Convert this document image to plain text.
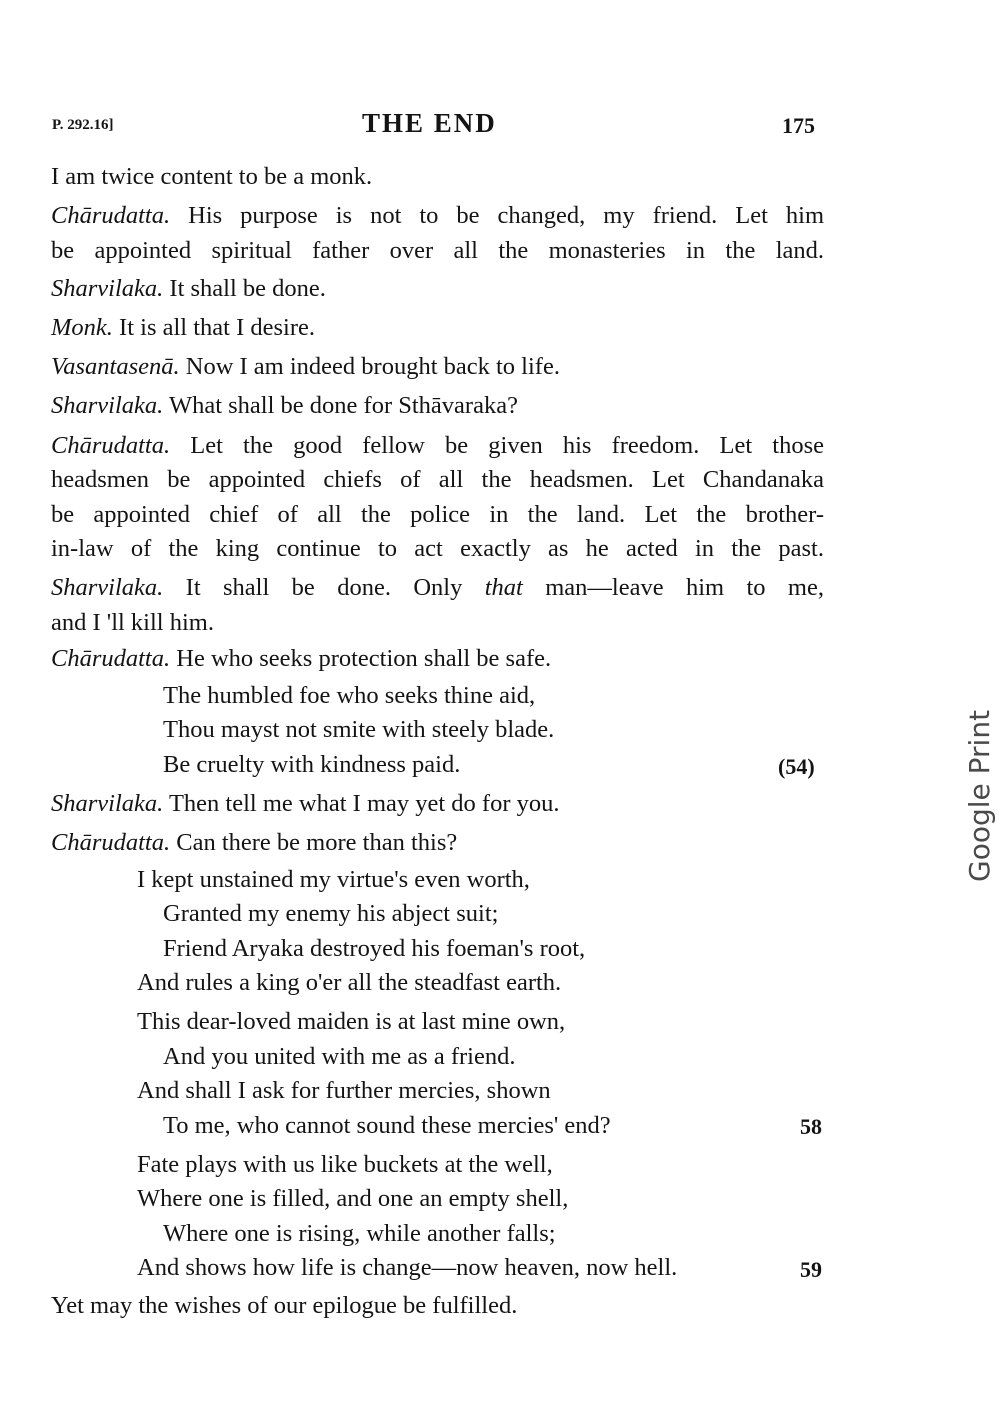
P. 292.16]	THE END	175
I am twice content to be a monk.
Chārudatta. His purpose is not to be changed, my friend. Let him
be appointed spiritual father over all the monasteries in the land.
Sharvilaka. It shall be done.
Monk. It is all that I desire.
Vasantasenā. Now I am indeed brought back to life.
Sharvilaka. What shall be done for Sthāvaraka?
Chārudatta. Let the good fellow be given his freedom. Let those
headsmen be appointed chiefs of all the headsmen. Let Chandanaka
be appointed chief of all the police in the land. Let the brother-
in-law of the king continue to act exactly as he acted in the past.
Sharvilaka. It shall be done. Only that man—leave him to me,
and I 'll kill him.
Chārudatta. He who seeks protection shall be safe.
The humbled foe who seeks thine aid,
Thou mayst not smite with steely blade.
Be cruelty with kindness paid.	(54)
Sharvilaka. Then tell me what I may yet do for you.
Chārudatta. Can there be more than this?
I kept unstained my virtue's even worth,
Granted my enemy his abject suit;
Friend Aryaka destroyed his foeman's root,
And rules a king o'er all the steadfast earth.
This dear-loved maiden is at last mine own,
And you united with me as a friend.
And shall I ask for further mercies, shown
To me, who cannot sound these mercies' end?	58
Fate plays with us like buckets at the well,
Where one is filled, and one an empty shell,
Where one is rising, while another falls;
And shows how life is change—now heaven, now hell.	59
Yet may the wishes of our epilogue be fulfilled.
Google Print
